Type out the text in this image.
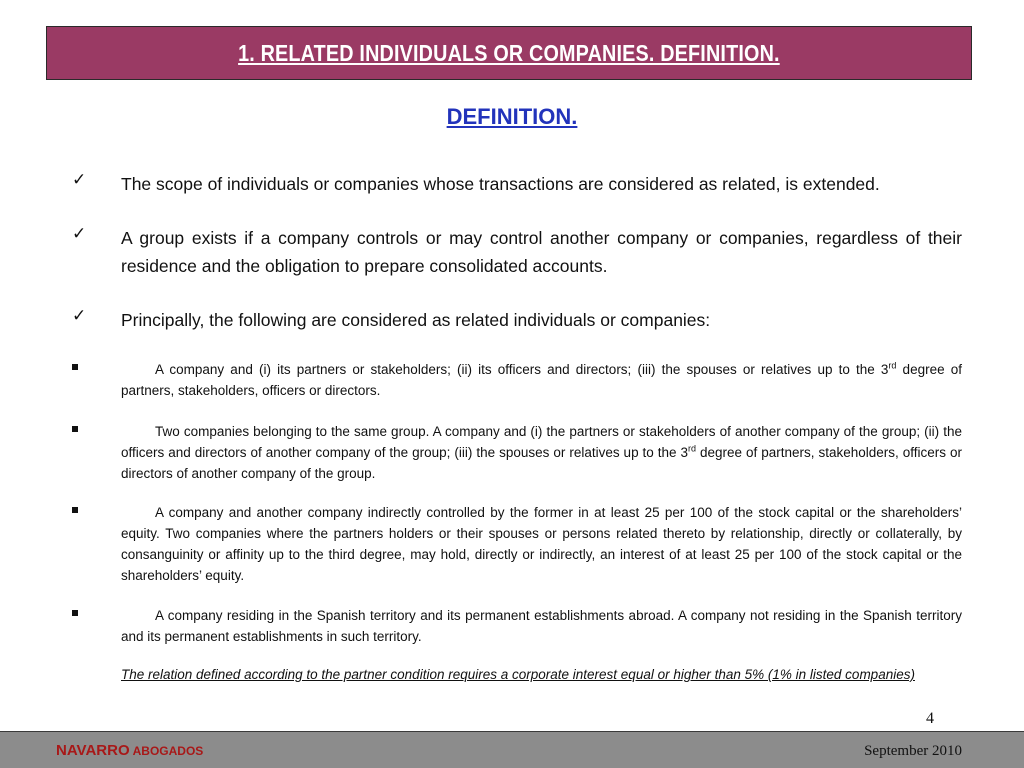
1. RELATED INDIVIDUALS OR COMPANIES. DEFINITION.
DEFINITION.
✓	The scope of individuals or companies whose transactions are considered as related, is extended.
✓	A group exists if a company controls or may control another company or companies, regardless of their residence and the obligation to prepare consolidated accounts.
✓	Principally, the following are considered as related individuals or companies:
A company and (i) its partners or stakeholders; (ii) its officers and directors; (iii) the spouses or relatives up to the 3rd degree of partners, stakeholders, officers or directors.
Two companies belonging to the same group. A company and (i) the partners or stakeholders of another company of the group; (ii) the officers and directors of another company of the group; (iii) the spouses or relatives up to the 3rd degree of partners, stakeholders, officers or directors of another company of the group.
A company and another company indirectly controlled by the former in at least 25 per 100 of the stock capital or the shareholders’ equity. Two companies where the partners holders or their spouses or persons related thereto by relationship, directly or collaterally, by consanguinity or affinity up to the third degree, may hold, directly or indirectly, an interest of at least 25 per 100 of the stock capital or the shareholders’ equity.
A company residing in the Spanish territory and its permanent establishments abroad. A company not residing in the Spanish territory and its permanent establishments in such territory.
The relation defined according to the partner condition requires a corporate interest equal or higher than 5% (1% in listed companies)
4
NAVARRO ABOGADOS	September 2010
